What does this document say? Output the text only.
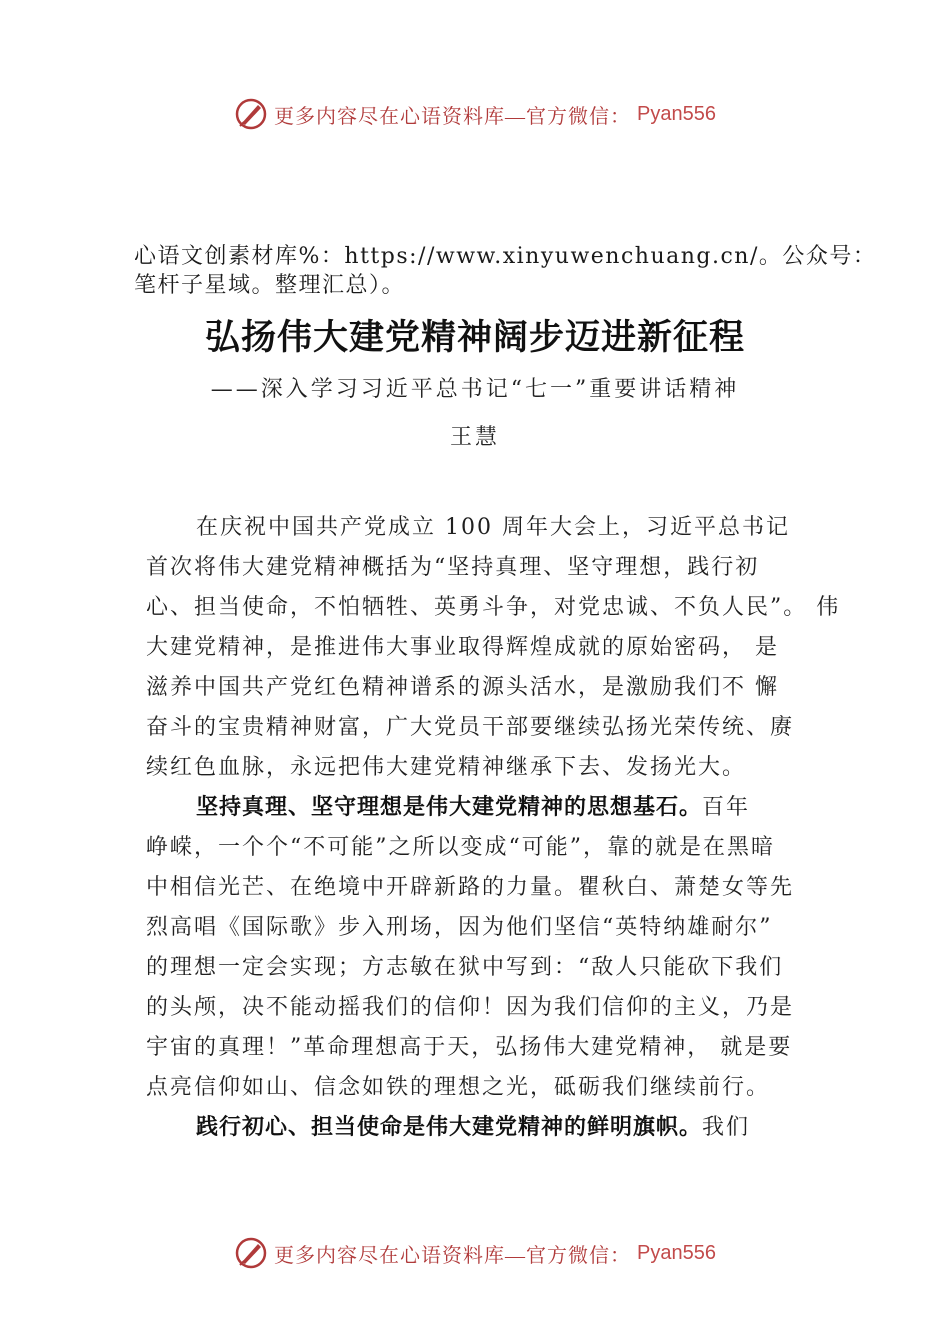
更多内容尽在心语资料库—官方微信： Pyan556

心语文创素材库%：https://www.xinyuwenchuang.cn/。公众号：

笔杆子星域。整理汇总）。

弘扬伟大建党精神阔步迈进新征程
——深入学习习近平总书记“七一”重要讲话精神
王慧
在庆祝中国共产党成立 100 周年大会上，习近平总书记
首次将伟大建党精神概括为“坚持真理、坚守理想，践行初
心、担当使命，不怕牺牲、英勇斗争，对党忠诚、不负人民”。 伟
大建党精神，是推进伟大事业取得辉煌成就的原始密码， 是
滋养中国共产党红色精神谱系的源头活水，是激励我们不 懈
奋斗的宝贵精神财富，广大党员干部要继续弘扬光荣传统、赓
续红色血脉，永远把伟大建党精神继承下去、发扬光大。
坚持真理、坚守理想是伟大建党精神的思想基石。百年
峥嵘，一个个“不可能”之所以变成“可能”，靠的就是在黑暗
中相信光芒、在绝境中开辟新路的力量。瞿秋白、萧楚女等先
烈高唱《国际歌》步入刑场，因为他们坚信“英特纳雄耐尔”
的理想一定会实现；方志敏在狱中写到：“敌人只能砍下我们
的头颅，决不能动摇我们的信仰！因为我们信仰的主义，乃是
宇宙的真理！”革命理想高于天，弘扬伟大建党精神， 就是要
点亮信仰如山、信念如铁的理想之光，砥砺我们继续前行。
践行初心、担当使命是伟大建党精神的鲜明旗帜。我们
更多内容尽在心语资料库—官方微信： Pyan556
